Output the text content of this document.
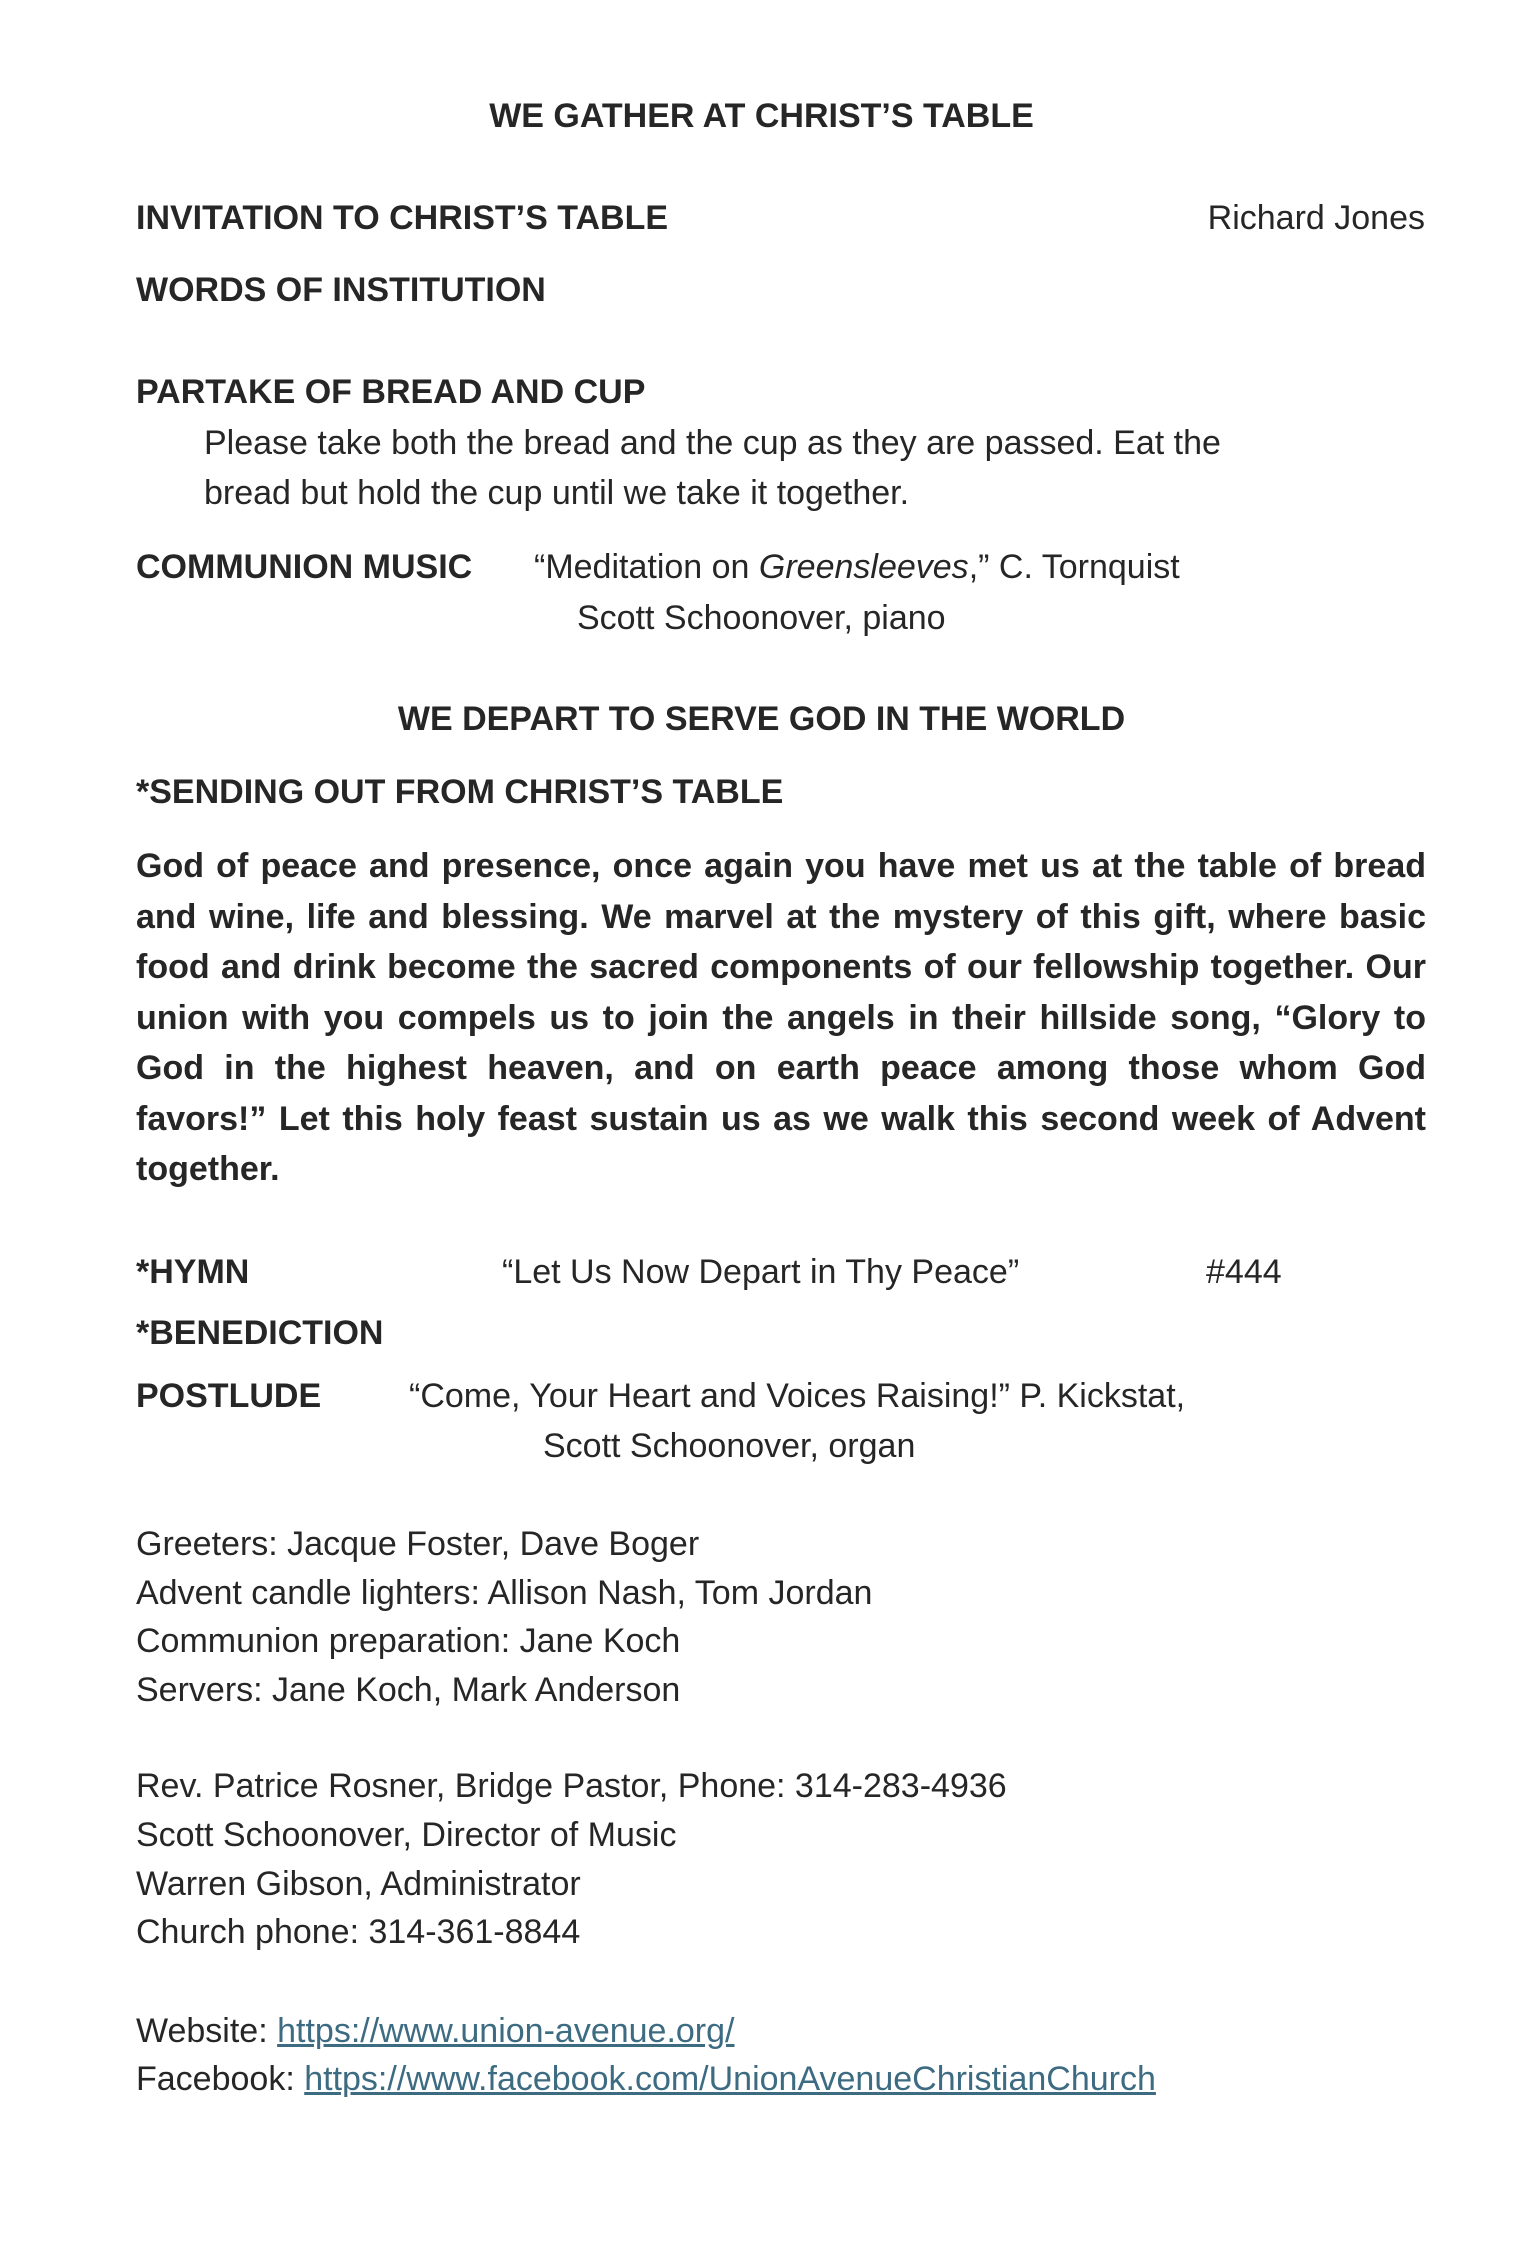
WE GATHER AT CHRIST’S TABLE
INVITATION TO CHRIST’S TABLE	Richard Jones
WORDS OF INSTITUTION
PARTAKE OF BREAD AND CUP
Please take both the bread and the cup as they are passed. Eat the
bread but hold the cup until we take it together.
COMMUNION MUSIC “Meditation on Greensleeves,” C. Tornquist
Scott Schoonover, piano
WE DEPART TO SERVE GOD IN THE WORLD
*SENDING OUT FROM CHRIST’S TABLE
God of peace and presence, once again you have met us at the table of bread and wine, life and blessing. We marvel at the mystery of this gift, where basic food and drink become the sacred components of our fellowship together. Our union with you compels us to join the angels in their hillside song, “Glory to God in the highest heaven, and on earth peace among those whom God favors!” Let this holy feast sustain us as we walk this second week of Advent together.
*HYMN	“Let Us Now Depart in Thy Peace”	#444
*BENEDICTION
POSTLUDE	“Come, Your Heart and Voices Raising!” P. Kickstat,
Scott Schoonover, organ
Greeters: Jacque Foster, Dave Boger
Advent candle lighters: Allison Nash, Tom Jordan
Communion preparation: Jane Koch
Servers: Jane Koch, Mark Anderson
Rev. Patrice Rosner, Bridge Pastor, Phone: 314-283-4936
Scott Schoonover, Director of Music
Warren Gibson, Administrator
Church phone: 314-361-8844
Website: https://www.union-avenue.org/
Facebook: https://www.facebook.com/UnionAvenueChristianChurch
